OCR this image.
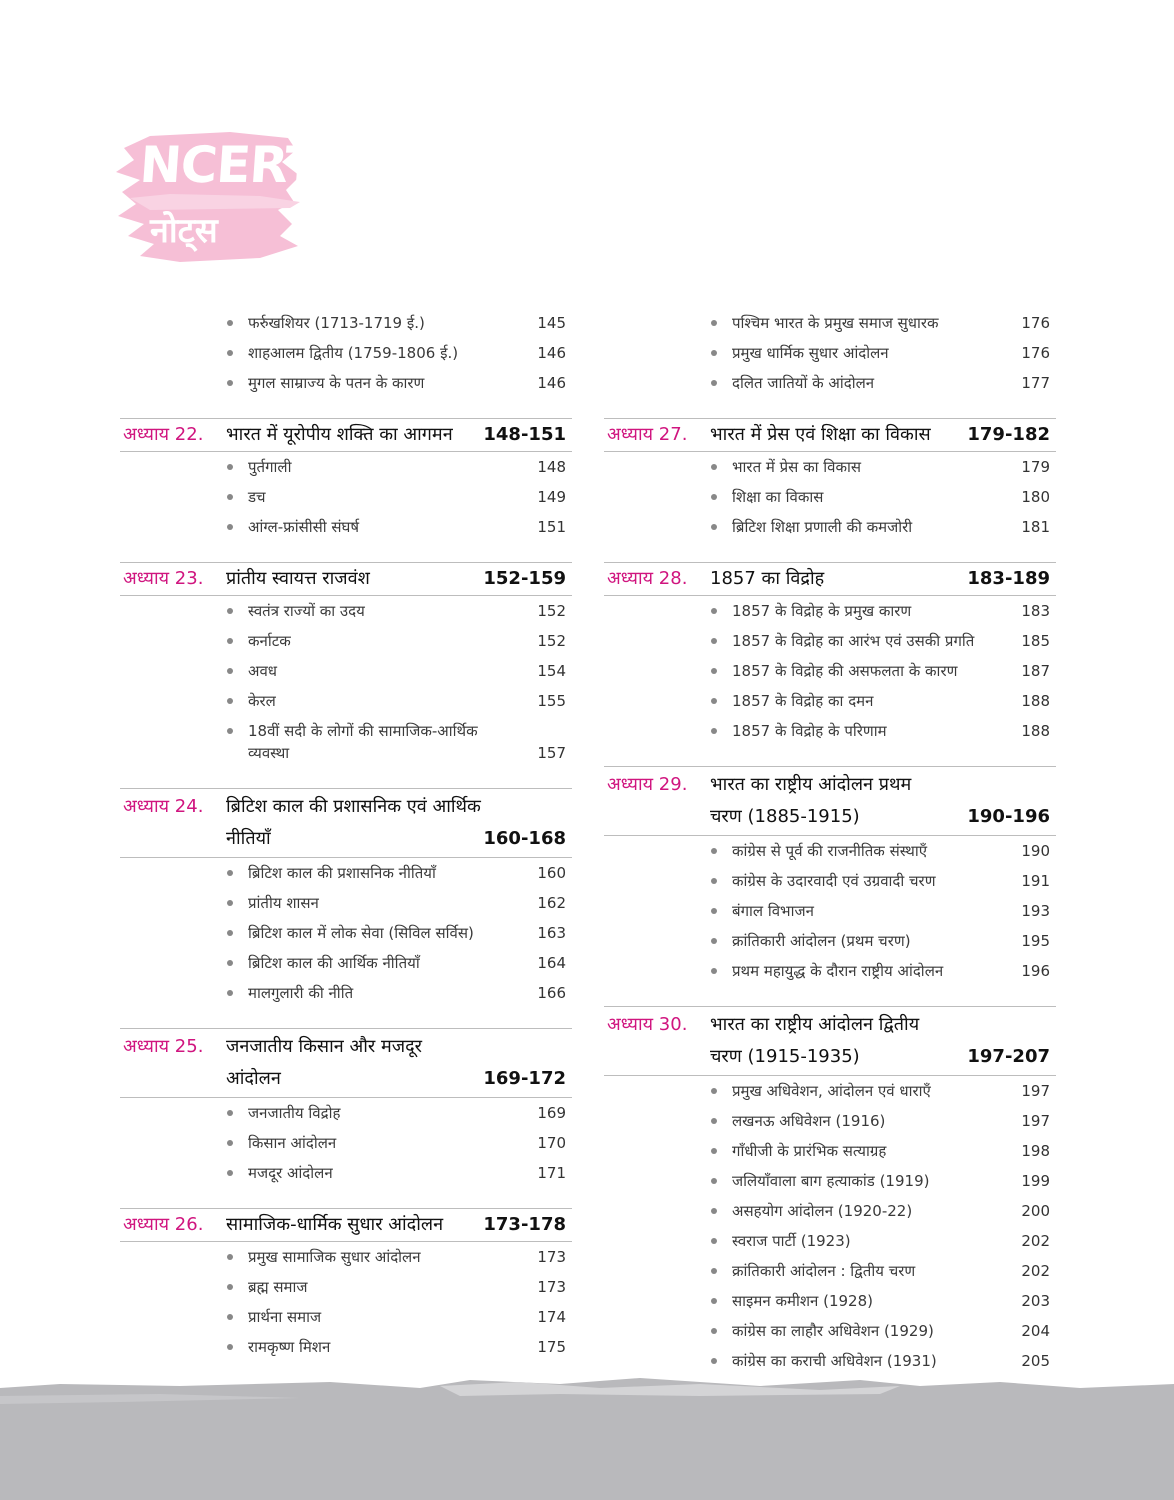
NCERT
नोट्स
फर्रुखशियर (1713-1719 ई.)	145
शाहआलम द्वितीय (1759-1806 ई.)	146
मुगल साम्राज्य के पतन के कारण	146
अध्याय 22. भारत में यूरोपीय शक्ति का आगमन	148-151
पुर्तगाली	148
डच	149
आंग्ल-फ्रांसीसी संघर्ष	151
अध्याय 23. प्रांतीय स्वायत्त राजवंश	152-159
स्वतंत्र राज्यों का उदय	152
कर्नाटक	152
अवध	154
केरल	155
18वीं सदी के लोगों की सामाजिक-आर्थिक व्यवस्था	157
अध्याय 24. ब्रिटिश काल की प्रशासनिक एवं आर्थिक
नीतियाँ	160-168
ब्रिटिश काल की प्रशासनिक नीतियाँ	160
प्रांतीय शासन	162
ब्रिटिश काल में लोक सेवा (सिविल सर्विस)	163
ब्रिटिश काल की आर्थिक नीतियाँ	164
मालगुलारी की नीति	166
अध्याय 25. जनजातीय किसान और मजदूर
आंदोलन	169-172
जनजातीय विद्रोह	169
किसान आंदोलन	170
मजदूर आंदोलन	171
अध्याय 26. सामाजिक-धार्मिक सुधार आंदोलन	173-178
प्रमुख सामाजिक सुधार आंदोलन	173
ब्रह्म समाज	173
प्रार्थना समाज	174
रामकृष्ण मिशन	175
पश्चिम भारत के प्रमुख समाज सुधारक	176
प्रमुख धार्मिक सुधार आंदोलन	176
दलित जातियों के आंदोलन	177
अध्याय 27. भारत में प्रेस एवं शिक्षा का विकास	179-182
भारत में प्रेस का विकास	179
शिक्षा का विकास	180
ब्रिटिश शिक्षा प्रणाली की कमजोरी	181
अध्याय 28. 1857 का विद्रोह	183-189
1857 के विद्रोह के प्रमुख कारण	183
1857 के विद्रोह का आरंभ एवं उसकी प्रगति	185
1857 के विद्रोह की असफलता के कारण	187
1857 के विद्रोह का दमन	188
1857 के विद्रोह के परिणाम	188
अध्याय 29. भारत का राष्ट्रीय आंदोलन प्रथम
चरण (1885-1915)	190-196
कांग्रेस से पूर्व की राजनीतिक संस्थाएँ	190
कांग्रेस के उदारवादी एवं उग्रवादी चरण	191
बंगाल विभाजन	193
क्रांतिकारी आंदोलन (प्रथम चरण)	195
प्रथम महायुद्ध के दौरान राष्ट्रीय आंदोलन	196
अध्याय 30. भारत का राष्ट्रीय आंदोलन द्वितीय
चरण (1915-1935)	197-207
प्रमुख अधिवेशन, आंदोलन एवं धाराएँ	197
लखनऊ अधिवेशन (1916)	197
गाँधीजी के प्रारंभिक सत्याग्रह	198
जलियाँवाला बाग हत्याकांड (1919)	199
असहयोग आंदोलन (1920-22)	200
स्वराज पार्टी (1923)	202
क्रांतिकारी आंदोलन : द्वितीय चरण	202
साइमन कमीशन (1928)	203
कांग्रेस का लाहौर अधिवेशन (1929)	204
कांग्रेस का कराची अधिवेशन (1931)	205
